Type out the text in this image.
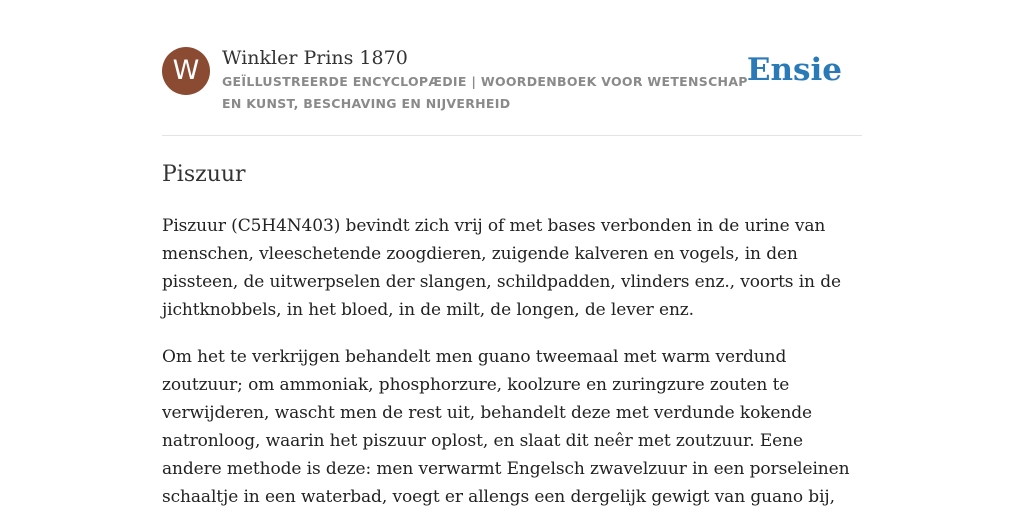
W	Winkler Prins 1870

GEÏLLUSTREERDE ENCYCLOPÆDIE | WOORDENBOEK VOOR WETENSCHAP EN KUNST, BESCHAVING EN NIJVERHEID

Ensie
Piszuur

Piszuur (C5H4N403) bevindt zich vrij of met bases verbonden in de urine van menschen, vleeschetende zoogdieren, zuigende kalveren en vogels, in den pissteen, de uitwerpselen der slangen, schildpadden, vlinders enz., voorts in de jichtknobbels, in het bloed, in de milt, de longen, de lever enz.

Om het te verkrijgen behandelt men guano tweemaal met warm verdund zoutzuur; om ammoniak, phosphorzure, koolzure en zuringzure zouten te verwijderen, wascht men de rest uit, behandelt deze met verdunde kokende natronloog, waarin het piszuur oplost, en slaat dit neêr met zoutzuur. Eene andere methode is deze: men verwarmt Engelsch zwavelzuur in een porseleinen schaaltje in een waterbad, voegt er allengs een dergelijk gewigt van guano bij,
